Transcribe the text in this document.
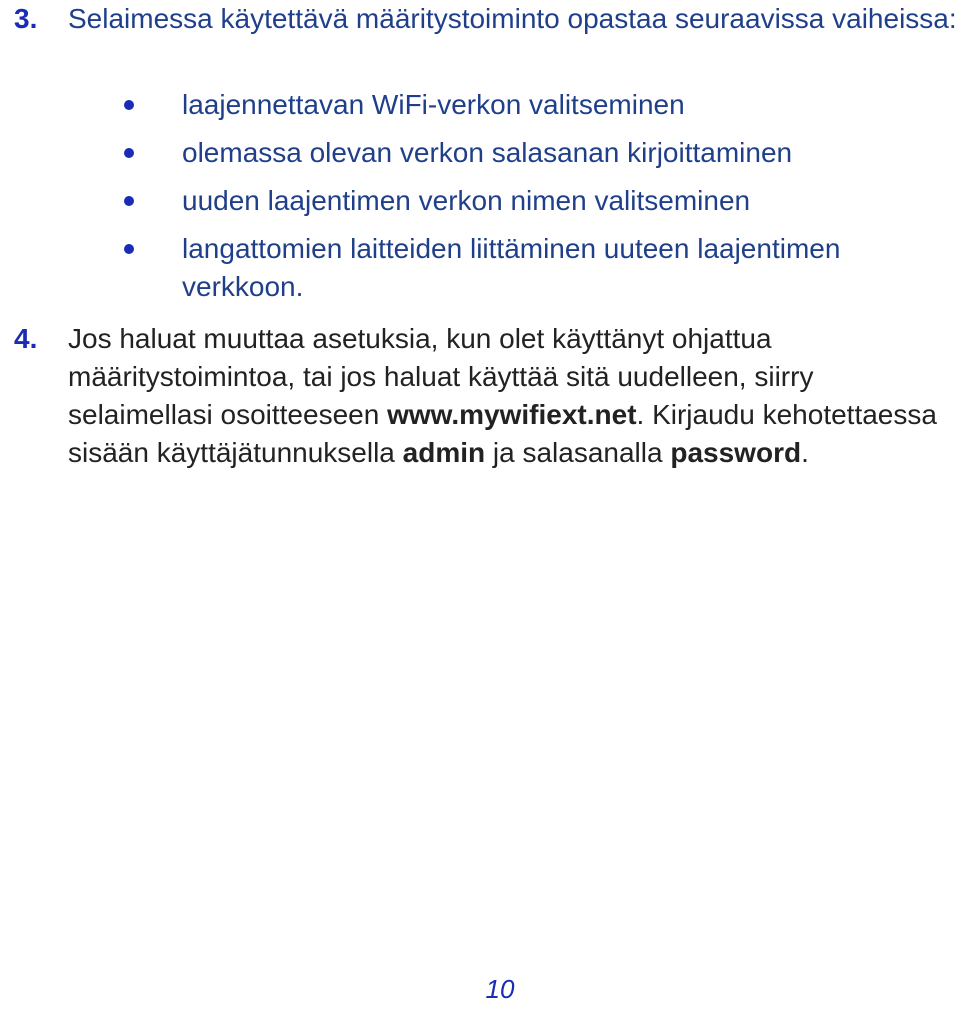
3. Selaimessa käytettävä määritystoiminto opastaa seuraavissa vaiheissa:
laajennettavan WiFi-verkon valitseminen
olemassa olevan verkon salasanan kirjoittaminen
uuden laajentimen verkon nimen valitseminen
langattomien laitteiden liittäminen uuteen laajentimen verkkoon.
4. Jos haluat muuttaa asetuksia, kun olet käyttänyt ohjattua määritystoimintoa, tai jos haluat käyttää sitä uudelleen, siirry selaimellasi osoitteeseen www.mywifiext.net. Kirjaudu kehotettaessa sisään käyttäjätunnuksella admin ja salasanalla password.
10
